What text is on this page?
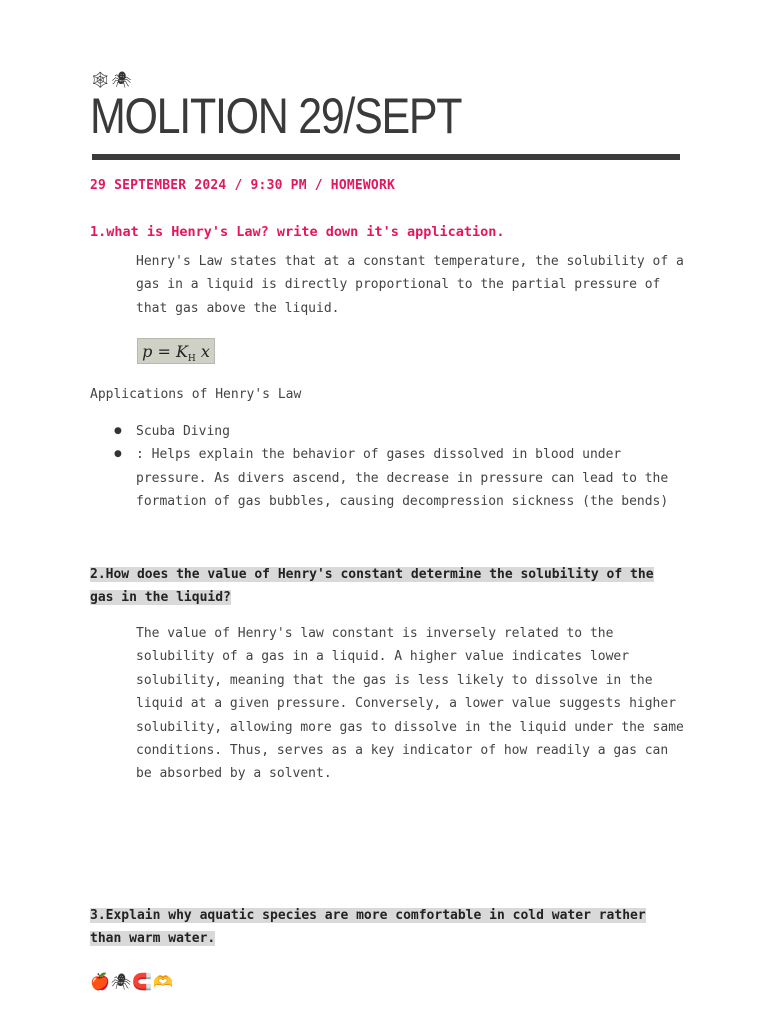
🕸🕷
MOLITION 29/SEPT
29 SEPTEMBER 2024 / 9:30 PM / HOMEWORK
1.what is Henry's Law? write down it's application.
Henry's Law states that at a constant temperature, the solubility of a gas in a liquid is directly proportional to the partial pressure of that gas above the liquid.
$p = K_H$ x
Applications of Henry's Law
● Scuba Diving
● : Helps explain the behavior of gases dissolved in blood under pressure. As divers ascend, the decrease in pressure can lead to the formation of gas bubbles, causing decompression sickness (the bends)
2.How does the value of Henry's constant determine the solubility of the gas in the liquid?
The value of Henry's law constant is inversely related to the solubility of a gas in a liquid. A higher value indicates lower solubility, meaning that the gas is less likely to dissolve in the liquid at a given pressure. Conversely, a lower value suggests higher solubility, allowing more gas to dissolve in the liquid under the same conditions. Thus, serves as a key indicator of how readily a gas can be absorbed by a solvent.
3.Explain why aquatic species are more comfortable in cold water rather than warm water.
🍎🕷🧲🫶
